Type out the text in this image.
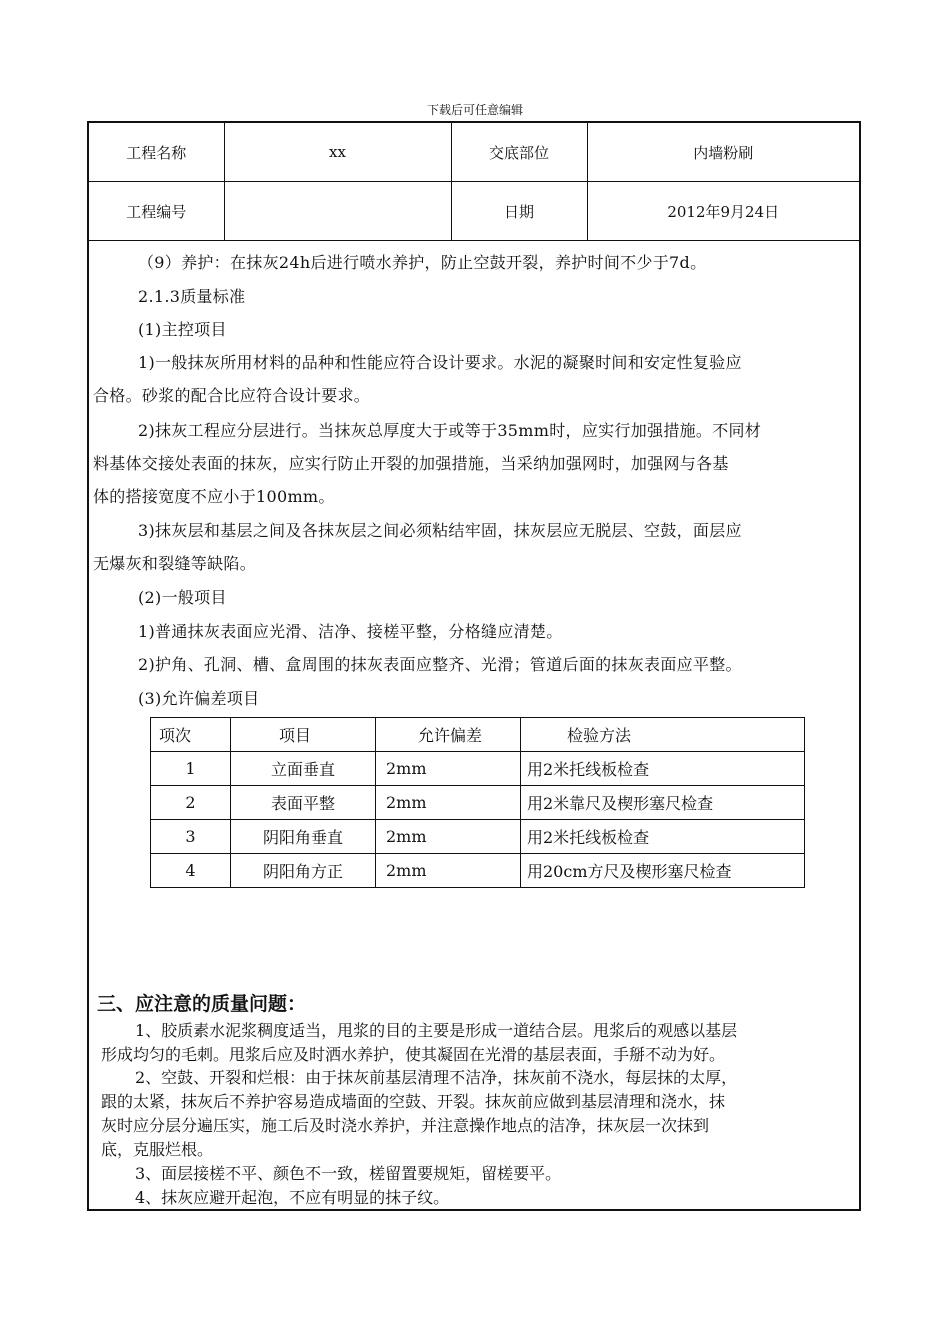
下载后可任意编辑
工程名称	xx	交底部位	内墙粉刷
工程编号		日期	2012年9月24日
（9）养护：在抹灰24h后进行喷水养护，防止空鼓开裂，养护时间不少于7d。
2.1.3质量标准
(1)主控项目
1)一般抹灰所用材料的品种和性能应符合设计要求。水泥的凝聚时间和安定性复验应
合格。砂浆的配合比应符合设计要求。
2)抹灰工程应分层进行。当抹灰总厚度大于或等于35mm时，应实行加强措施。不同材
料基体交接处表面的抹灰，应实行防止开裂的加强措施，当采纳加强网时，加强网与各基
体的搭接宽度不应小于100mm。
3)抹灰层和基层之间及各抹灰层之间必须粘结牢固，抹灰层应无脱层、空鼓，面层应
无爆灰和裂缝等缺陷。
(2)一般项目
1)普通抹灰表面应光滑、洁净、接槎平整，分格缝应清楚。
2)护角、孔洞、槽、盒周围的抹灰表面应整齐、光滑；管道后面的抹灰表面应平整。
(3)允许偏差项目
项次	项目	允许偏差	检验方法
1	立面垂直	2mm	用2米托线板检查
2	表面平整	2mm	用2米靠尺及楔形塞尺检查
3	阴阳角垂直	2mm	用2米托线板检查
4	阴阳角方正	2mm	用20cm方尺及楔形塞尺检查
三、应注意的质量问题：
1、胶质素水泥浆稠度适当，甩浆的目的主要是形成一道结合层。甩浆后的观感以基层
形成均匀的毛刺。甩浆后应及时洒水养护，使其凝固在光滑的基层表面，手掰不动为好。
2、空鼓、开裂和烂根：由于抹灰前基层清理不洁净，抹灰前不浇水，每层抹的太厚，
跟的太紧，抹灰后不养护容易造成墙面的空鼓、开裂。抹灰前应做到基层清理和浇水，抹
灰时应分层分遍压实，施工后及时浇水养护，并注意操作地点的洁净，抹灰层一次抹到
底，克服烂根。
3、面层接槎不平、颜色不一致，槎留置要规矩，留槎要平。
4、抹灰应避开起泡，不应有明显的抹子纹。
